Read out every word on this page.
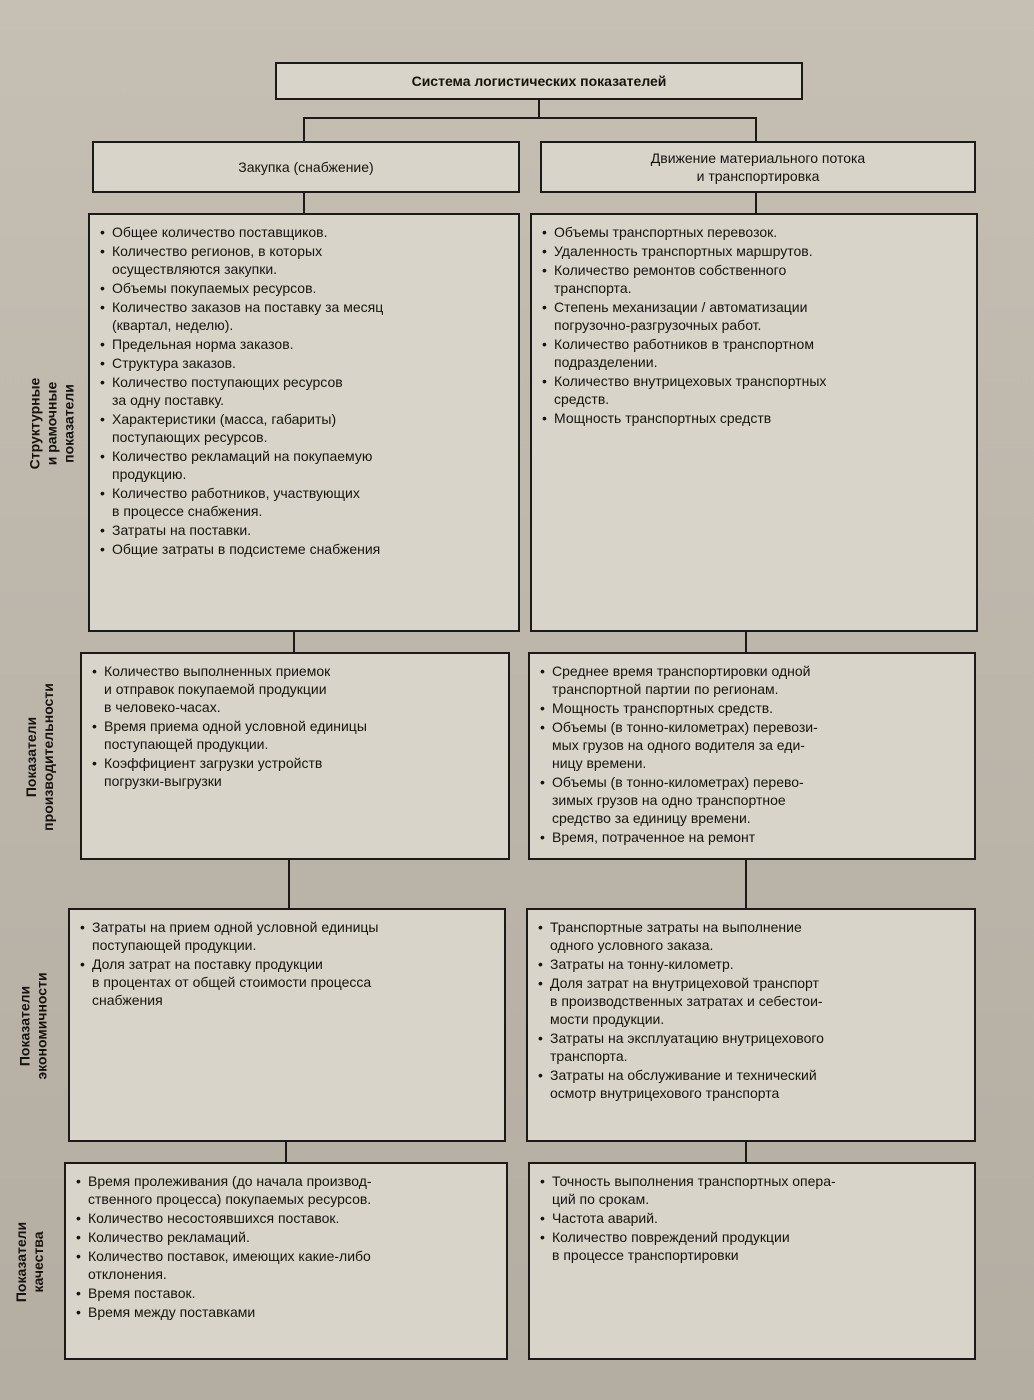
Система логистических показателей
Закупка (снабжение)
Движение материального потока
и транспортировка
Структурные и рамочные
показатели
• Общее количество поставщиков.
• Количество регионов, в которых
осуществляются закупки.
• Объемы покупаемых ресурсов.
• Количество заказов на поставку за месяц
(квартал, неделю).
• Предельная норма заказов.
• Структура заказов.
• Количество поступающих ресурсов
за одну поставку.
• Характеристики (масса, габариты)
поступающих ресурсов.
• Количество рекламаций на покупаемую
продукцию.
• Количество работников, участвующих
в процессе снабжения.
• Затраты на поставки.
• Общие затраты в подсистеме снабжения
• Объемы транспортных перевозок.
• Удаленность транспортных маршрутов.
• Количество ремонтов собственного
транспорта.
• Степень механизации / автоматизации
погрузочно-разгрузочных работ.
• Количество работников в транспортном
подразделении.
• Количество внутрицеховых транспортных
средств.
• Мощность транспортных средств
Показатели
производительности
• Количество выполненных приемок
и отправок покупаемой продукции
в человеко-часах.
• Время приема одной условной единицы
поступающей продукции.
• Коэффициент загрузки устройств
погрузки-выгрузки
• Среднее время транспортировки одной
транспортной партии по регионам.
• Мощность транспортных средств.
• Объемы (в тонно-километрах) перевози-
мых грузов на одного водителя за еди-
ницу времени.
• Объемы (в тонно-километрах) перево-
зимых грузов на одно транспортное
средство за единицу времени.
• Время, потраченное на ремонт
Показатели
экономичности
• Затраты на прием одной условной единицы
поступающей продукции.
• Доля затрат на поставку продукции
в процентах от общей стоимости процесса
снабжения
• Транспортные затраты на выполнение
одного условного заказа.
• Затраты на тонну-километр.
• Доля затрат на внутрицеховой транспорт
в производственных затратах и себестои-
мости продукции.
• Затраты на эксплуатацию внутрицехового
транспорта.
• Затраты на обслуживание и технический
осмотр внутрицехового транспорта
Показатели
качества
• Время пролеживания (до начала производ-
ственного процесса) покупаемых ресурсов.
• Количество несостоявшихся поставок.
• Количество рекламаций.
• Количество поставок, имеющих какие-либо
отклонения.
• Время поставок.
• Время между поставками
• Точность выполнения транспортных опера-
ций по срокам.
• Частота аварий.
• Количество повреждений продукции
в процессе транспортировки
